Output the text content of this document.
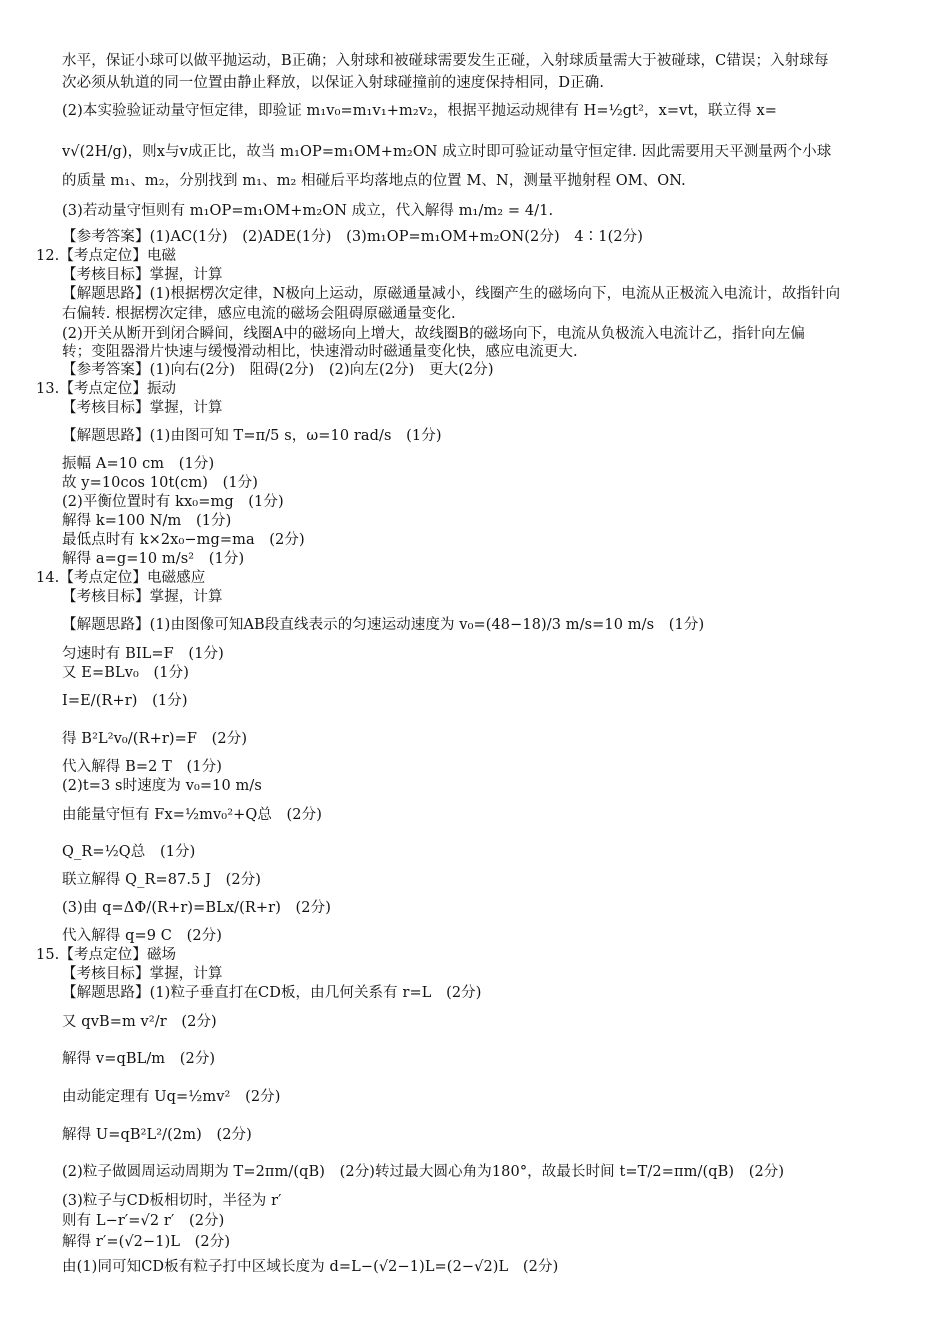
水平，保证小球可以做平抛运动，B正确；入射球和被碰球需要发生正碰，入射球质量需大于被碰球，C错误；入射球每
次必须从轨道的同一位置由静止释放，以保证入射球碰撞前的速度保持相同，D正确.
(2)本实验验证动量守恒定律，即验证 m₁v₀=m₁v₁+m₂v₂，根据平抛运动规律有 H=½gt²，x=vt，联立得 x=
v√(2H/g)，则x与v成正比，故当 m₁OP=m₁OM+m₂ON 成立时即可验证动量守恒定律. 因此需要用天平测量两个小球
的质量 m₁、m₂，分别找到 m₁、m₂ 相碰后平均落地点的位置 M、N，测量平抛射程 OM、ON.
(3)若动量守恒则有 m₁OP=m₁OM+m₂ON 成立，代入解得 m₁/m₂ = 4/1.
【参考答案】(1)AC(1分)　(2)ADE(1分)　(3)m₁OP=m₁OM+m₂ON(2分)　4∶1(2分)
12.【考点定位】电磁
【考核目标】掌握，计算
【解题思路】(1)根据楞次定律，N极向上运动，原磁通量减小，线圈产生的磁场向下，电流从正极流入电流计，故指针向
右偏转. 根据楞次定律，感应电流的磁场会阻碍原磁通量变化.
(2)开关从断开到闭合瞬间，线圈A中的磁场向上增大，故线圈B的磁场向下，电流从负极流入电流计乙，指针向左偏
转；变阻器滑片快速与缓慢滑动相比，快速滑动时磁通量变化快，感应电流更大.
【参考答案】(1)向右(2分)　阻碍(2分)　(2)向左(2分)　更大(2分)
13.【考点定位】振动
【考核目标】掌握，计算
【解题思路】(1)由图可知 T=π/5 s，ω=10 rad/s　(1分)
振幅 A=10 cm　(1分)
故 y=10cos 10t(cm)　(1分)
(2)平衡位置时有 kx₀=mg　(1分)
解得 k=100 N/m　(1分)
最低点时有 k×2x₀−mg=ma　(2分)
解得 a=g=10 m/s²　(1分)
14.【考点定位】电磁感应
【考核目标】掌握，计算
【解题思路】(1)由图像可知AB段直线表示的匀速运动速度为 v₀=(48−18)/3 m/s=10 m/s　(1分)
匀速时有 BIL=F　(1分)
又 E=BLv₀　(1分)
I=E/(R+r)　(1分)
得 B²L²v₀/(R+r)=F　(2分)
代入解得 B=2 T　(1分)
(2)t=3 s时速度为 v₀=10 m/s
由能量守恒有 Fx=½mv₀²+Q总　(2分)
Q_R=½Q总　(1分)
联立解得 Q_R=87.5 J　(2分)
(3)由 q=ΔΦ/(R+r)=BLx/(R+r)　(2分)
代入解得 q=9 C　(2分)
15.【考点定位】磁场
【考核目标】掌握，计算
【解题思路】(1)粒子垂直打在CD板，由几何关系有 r=L　(2分)
又 qvB=m v²/r　(2分)
解得 v=qBL/m　(2分)
由动能定理有 Uq=½mv²　(2分)
解得 U=qB²L²/(2m)　(2分)
(2)粒子做圆周运动周期为 T=2πm/(qB)　(2分)转过最大圆心角为180°，故最长时间 t=T/2=πm/(qB)　(2分)
(3)粒子与CD板相切时，半径为 r′
则有 L−r′=√2 r′　(2分)
解得 r′=(√2−1)L　(2分)
由(1)同可知CD板有粒子打中区域长度为 d=L−(√2−1)L=(2−√2)L　(2分)
